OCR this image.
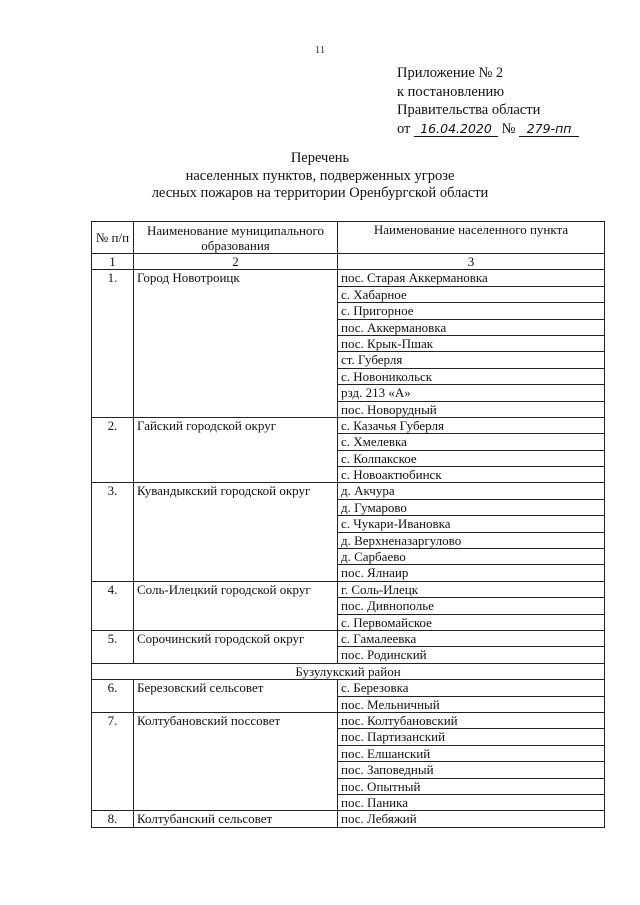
11
Приложение № 2
к постановлению
Правительства области
от 16.04.2020 № 279-пп
Перечень
населенных пунктов, подверженных угрозе
лесных пожаров на территории Оренбургской области
№ п/п	Наименование муниципального образования	Наименование населенного пункта
1	2	3
1.	Город Новотроицк	пос. Старая Аккермановка
		с. Хабарное
		с. Пригорное
		пос. Аккермановка
		пос. Крык-Пшак
		ст. Губерля
		с. Новоникольск
		рзд. 213 «А»
		пос. Новорудный
2.	Гайский городской округ	с. Казачья Губерля
		с. Хмелевка
		с. Колпакское
		с. Новоактюбинск
3.	Кувандыкский городской округ	д. Акчура
		д. Гумарово
		с. Чукари-Ивановка
		д. Верхненазаргулово
		д. Сарбаево
		пос. Ялнаир
4.	Соль-Илецкий городской округ	г. Соль-Илецк
		пос. Дивнополье
		с. Первомайское
5.	Сорочинский городской округ	с. Гамалеевка
		пос. Родинский
Бузулукский район		
6.	Березовский сельсовет	с. Березовка
		пос. Мельничный
7.	Колтубановский поссовет	пос. Колтубановский
		пос. Партизанский
		пос. Елшанский
		пос. Заповедный
		пос. Опытный
		пос. Паника
8.	Колтубанский сельсовет	пос. Лебяжий
